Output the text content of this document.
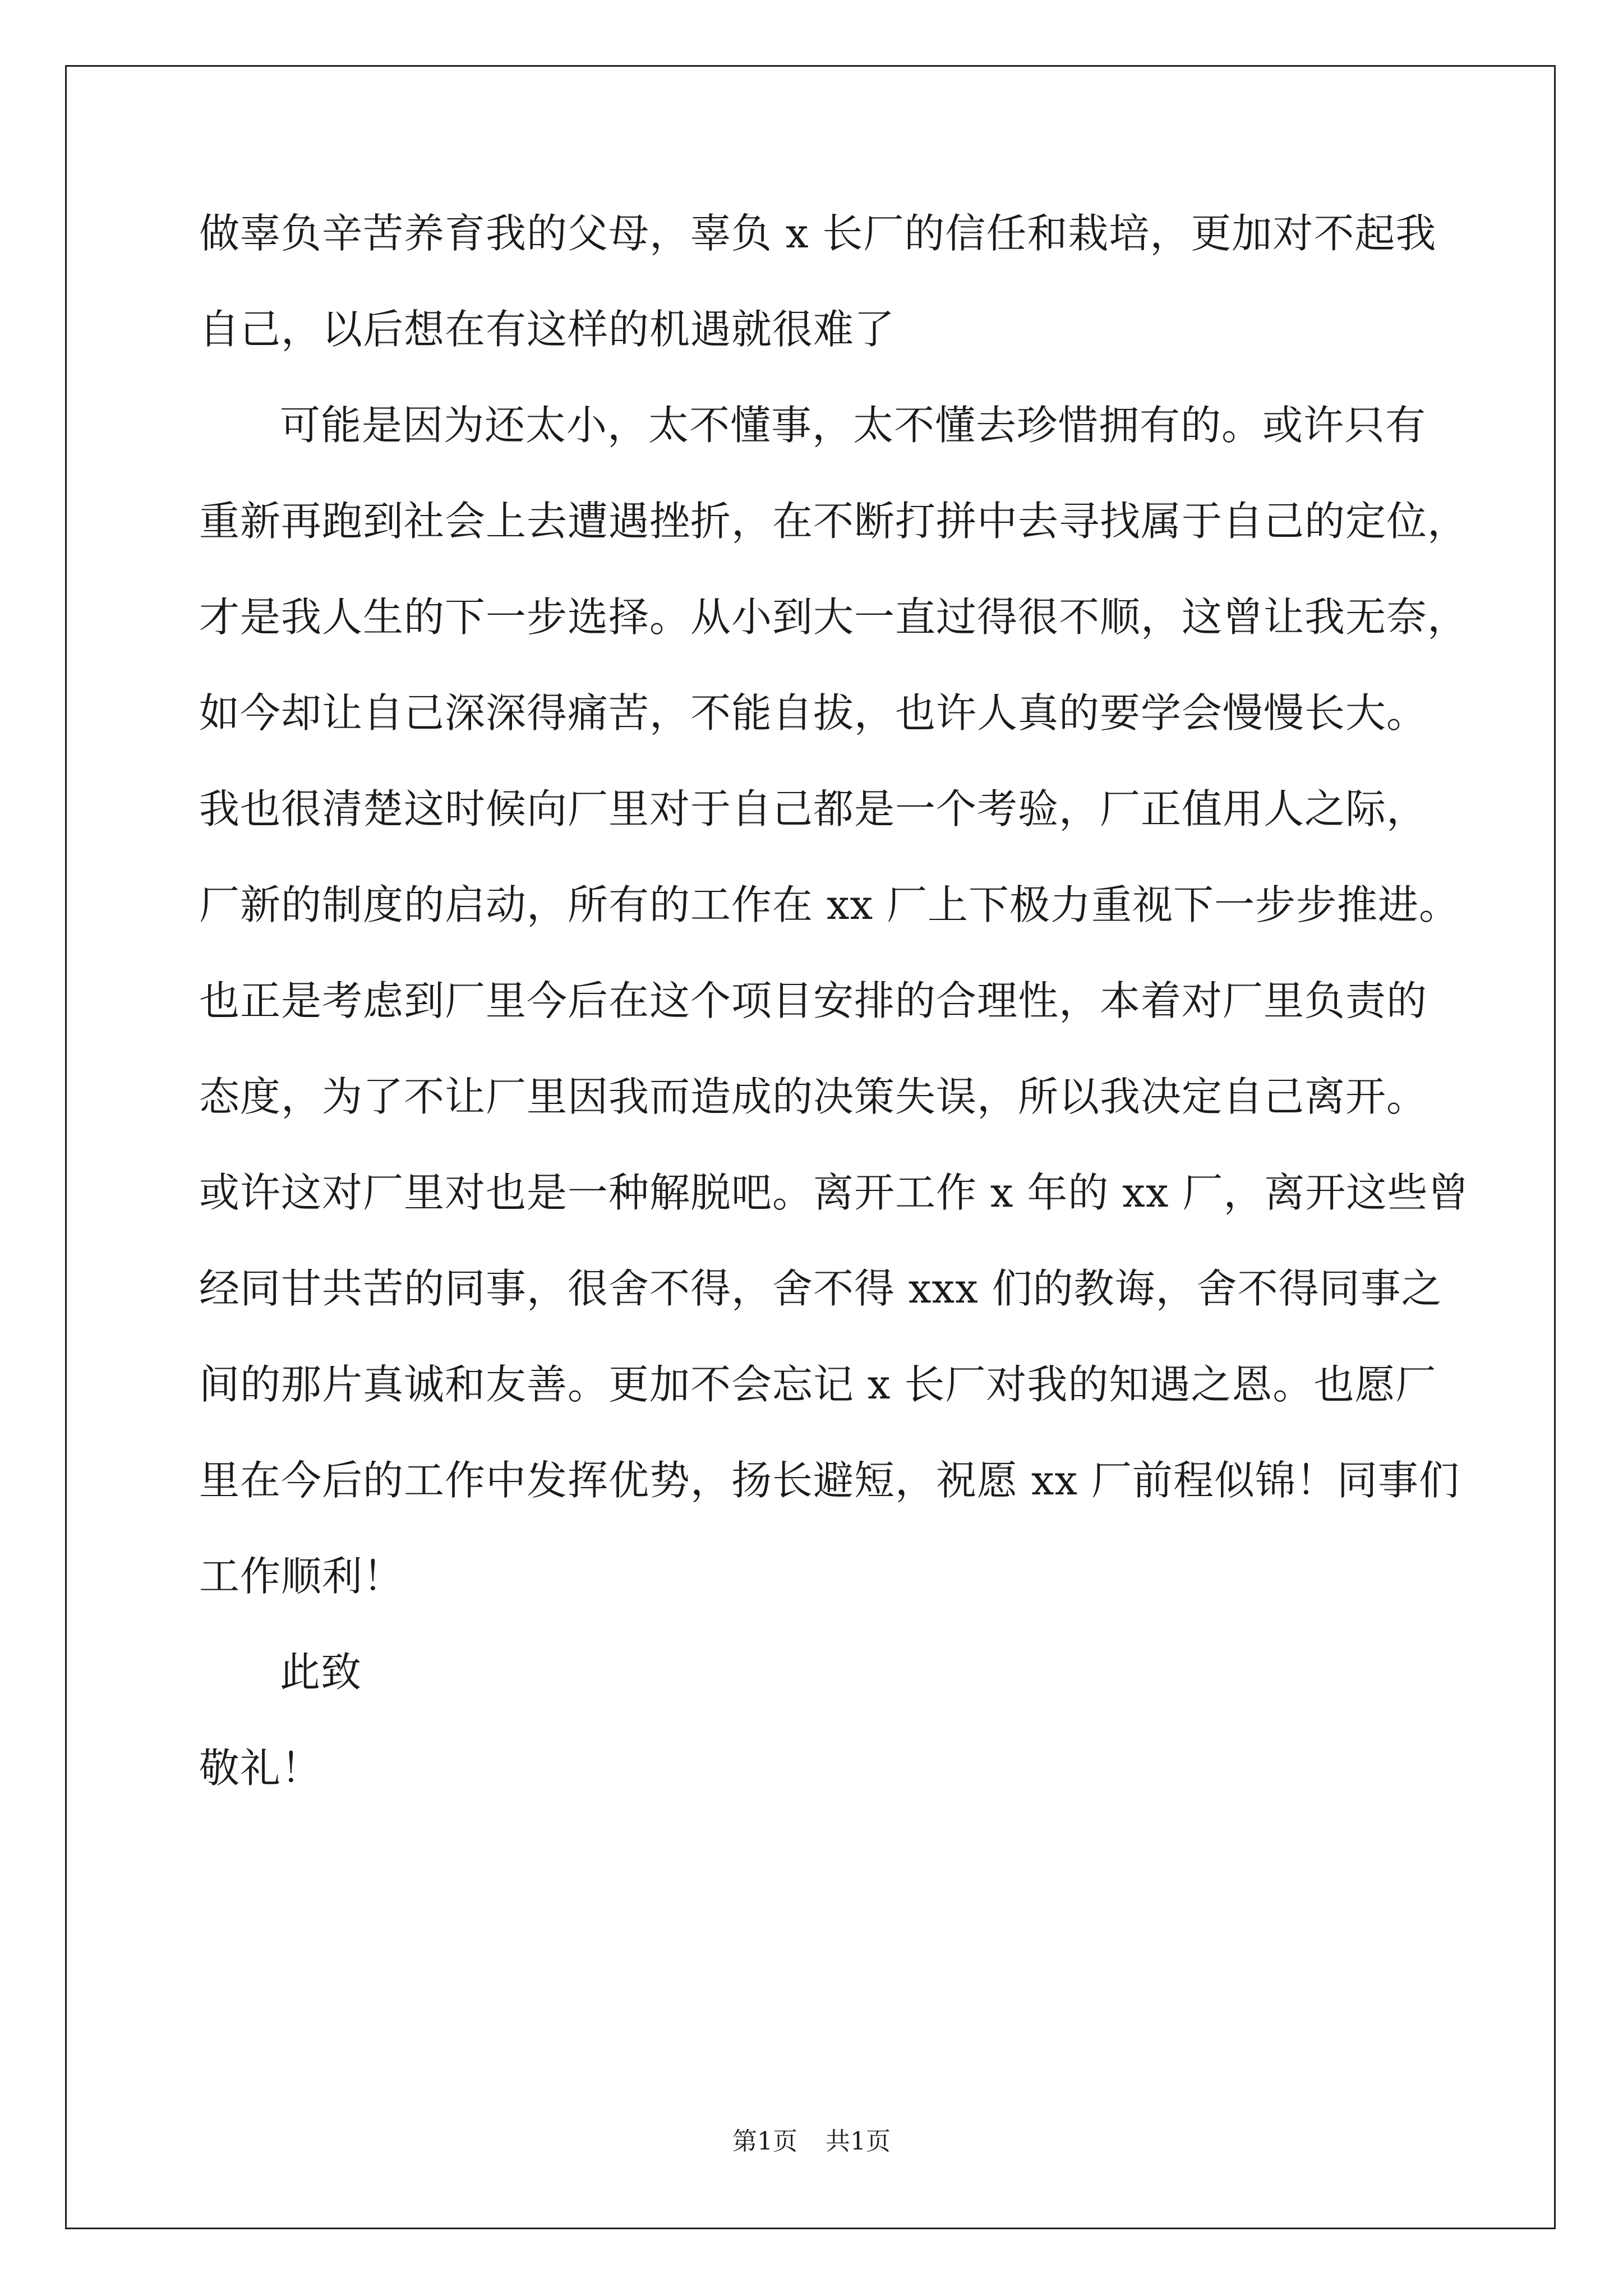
做辜负辛苦养育我的父母，辜负 x 长厂的信任和栽培，更加对不起我
自己，以后想在有这样的机遇就很难了
可能是因为还太小，太不懂事，太不懂去珍惜拥有的。或许只有
重新再跑到社会上去遭遇挫折，在不断打拼中去寻找属于自己的定位，
才是我人生的下一步选择。从小到大一直过得很不顺，这曾让我无奈，
如今却让自己深深得痛苦，不能自拔，也许人真的要学会慢慢长大。
我也很清楚这时候向厂里对于自己都是一个考验，厂正值用人之际，
厂新的制度的启动，所有的工作在 xx 厂上下极力重视下一步步推进。
也正是考虑到厂里今后在这个项目安排的合理性，本着对厂里负责的
态度，为了不让厂里因我而造成的决策失误，所以我决定自己离开。
或许这对厂里对也是一种解脱吧。离开工作 x 年的 xx 厂，离开这些曾
经同甘共苦的同事，很舍不得，舍不得 xxx 们的教诲，舍不得同事之
间的那片真诚和友善。更加不会忘记 x 长厂对我的知遇之恩。也愿厂
里在今后的工作中发挥优势，扬长避短，祝愿 xx 厂前程似锦！同事们
工作顺利！
此致
敬礼！
第1页 共1页
